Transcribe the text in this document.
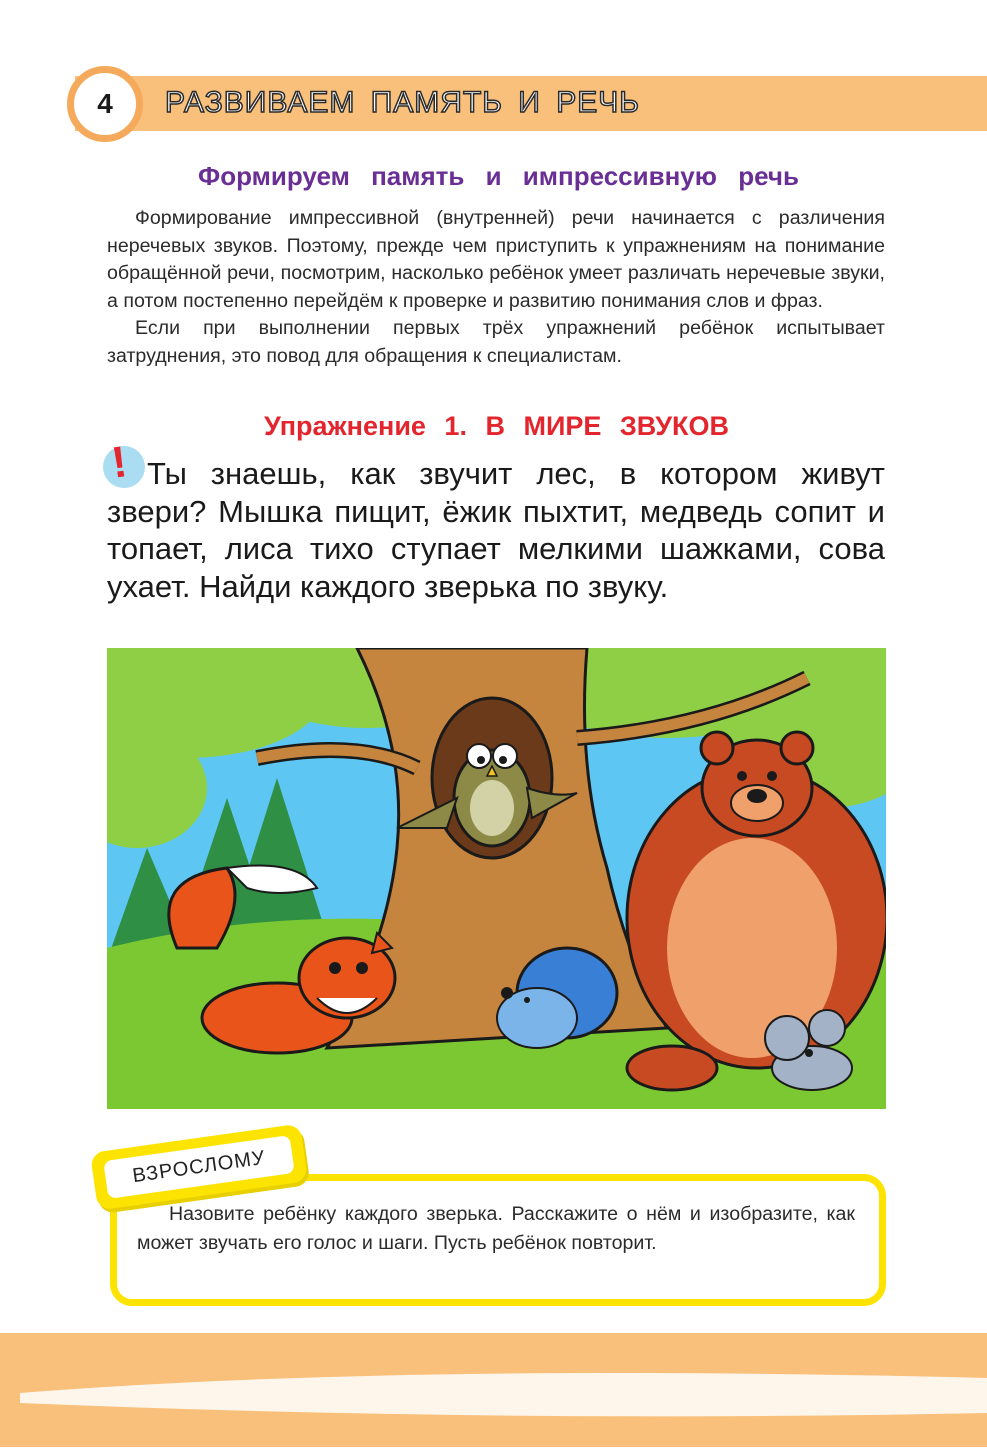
4 РАЗВИВАЕМ ПАМЯТЬ И РЕЧЬ
Формируем память и импрессивную речь

Формирование импрессивной (внутренней) речи начинается с различения неречевых звуков. Поэтому, прежде чем приступить к упражнениям на понимание обращённой речи, посмотрим, насколько ребёнок умеет различать неречевые звуки, а потом постепенно перейдём к проверке и развитию понимания слов и фраз.

Если при выполнении первых трёх упражнений ребёнок испытывает затруднения, это повод для обращения к специалистам.

Упражнение 1. В МИРЕ ЗВУКОВ
! Ты знаешь, как звучит лес, в котором живут звери? Мышка пищит, ёжик пыхтит, медведь сопит и топает, лиса тихо ступает мелкими шажками, сова ухает. Найди каждого зверька по звуку.

Назовите ребёнку каждого зверька. Расскажите о нём и изобразите, как может звучать его голос и шаги. Пусть ребёнок повторит.

ВЗРОСЛОМУ
